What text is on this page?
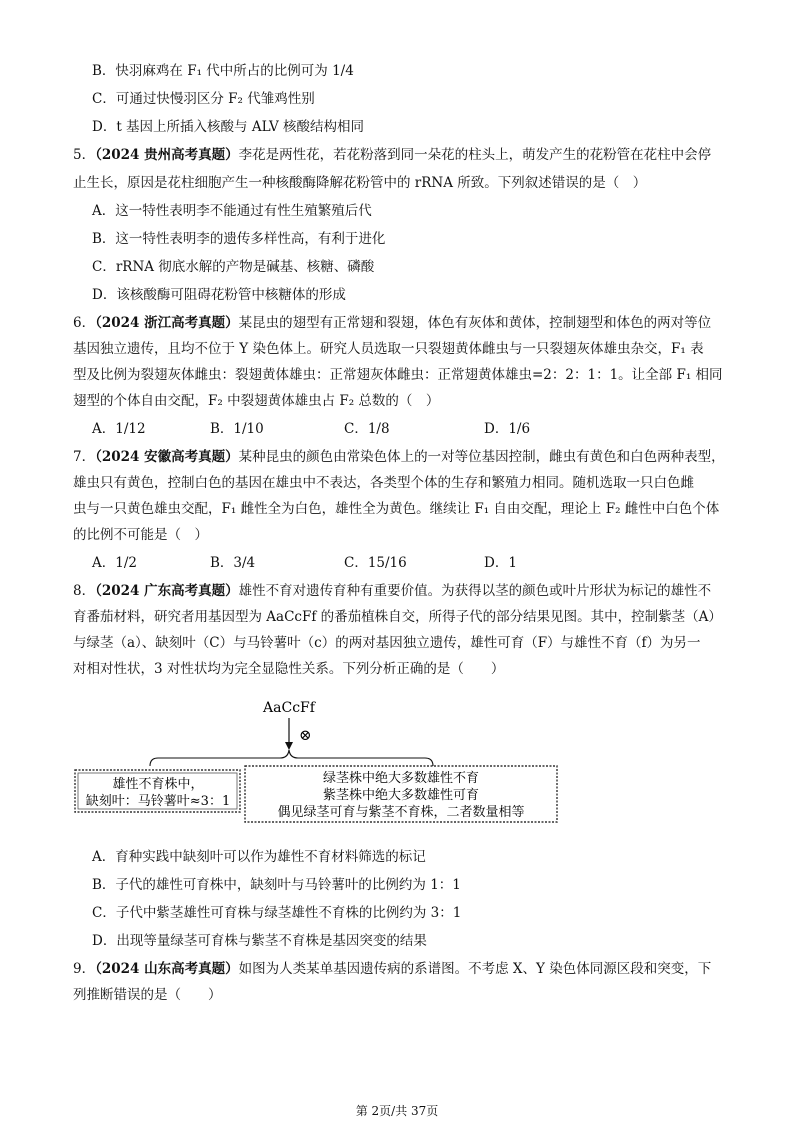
B．快羽麻鸡在 F₁ 代中所占的比例可为 1/4
C．可通过快慢羽区分 F₂ 代雏鸡性别
D．t 基因上所插入核酸与 ALV 核酸结构相同
5．（2024 贵州高考真题）李花是两性花，若花粉落到同一朵花的柱头上，萌发产生的花粉管在花柱中会停
止生长，原因是花柱细胞产生一种核酸酶降解花粉管中的 rRNA 所致。下列叙述错误的是（　）
A．这一特性表明李不能通过有性生殖繁殖后代
B．这一特性表明李的遗传多样性高，有利于进化
C．rRNA 彻底水解的产物是碱基、核糖、磷酸
D．该核酸酶可阻碍花粉管中核糖体的形成
6．（2024 浙江高考真题）某昆虫的翅型有正常翅和裂翅，体色有灰体和黄体，控制翅型和体色的两对等位
基因独立遗传，且均不位于 Y 染色体上。研究人员选取一只裂翅黄体雌虫与一只裂翅灰体雄虫杂交，F₁ 表
型及比例为裂翅灰体雌虫：裂翅黄体雄虫：正常翅灰体雌虫：正常翅黄体雄虫=2：2：1：1。让全部 F₁ 相同
翅型的个体自由交配，F₂ 中裂翅黄体雄虫占 F₂ 总数的（　）
A．1/12	B．1/10	C．1/8	D．1/6
7．（2024 安徽高考真题）某种昆虫的颜色由常染色体上的一对等位基因控制，雌虫有黄色和白色两种表型，
雄虫只有黄色，控制白色的基因在雄虫中不表达，各类型个体的生存和繁殖力相同。随机选取一只白色雌
虫与一只黄色雄虫交配，F₁ 雌性全为白色，雄性全为黄色。继续让 F₁ 自由交配，理论上 F₂ 雌性中白色个体
的比例不可能是（　）
A．1/2	B．3/4	C．15/16	D．1
8．（2024 广东高考真题）雄性不育对遗传育种有重要价值。为获得以茎的颜色或叶片形状为标记的雄性不
育番茄材料，研究者用基因型为 AaCcFf 的番茄植株自交，所得子代的部分结果见图。其中，控制紫茎（A）
与绿茎（a）、缺刻叶（C）与马铃薯叶（c）的两对基因独立遗传，雄性可育（F）与雄性不育（f）为另一
对相对性状，3 对性状均为完全显隐性关系。下列分析正确的是（　　）
AaCcFf
⊗
雄性不育株中，
缺刻叶：马铃薯叶≈3：1
绿茎株中绝大多数雄性不育
紫茎株中绝大多数雄性可育
偶见绿茎可育与紫茎不育株，二者数量相等
A．育种实践中缺刻叶可以作为雄性不育材料筛选的标记
B．子代的雄性可育株中，缺刻叶与马铃薯叶的比例约为 1：1
C．子代中紫茎雄性可育株与绿茎雄性不育株的比例约为 3：1
D．出现等量绿茎可育株与紫茎不育株是基因突变的结果
9．（2024 山东高考真题）如图为人类某单基因遗传病的系谱图。不考虑 X、Y 染色体同源区段和突变，下
列推断错误的是（　　）
第 2页/共 37页
